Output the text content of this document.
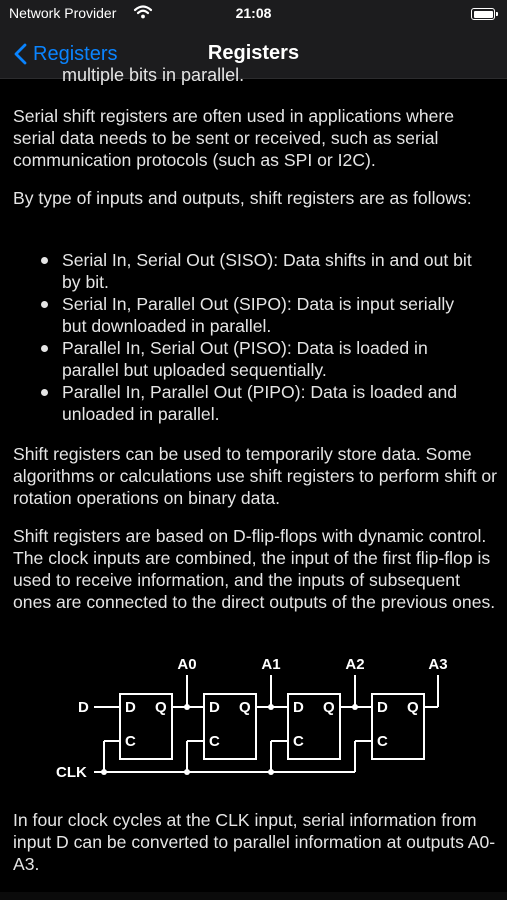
Network Provider	21:08
Registers	Registers
multiple bits in parallel.

Serial shift registers are often used in applications where serial data needs to be sent or received, such as serial communication protocols (such as SPI or I2C).

By type of inputs and outputs, shift registers are as follows:

Serial In, Serial Out (SISO): Data shifts in and out bit by bit.
Serial In, Parallel Out (SIPO): Data is input serially but downloaded in parallel.
Parallel In, Serial Out (PISO): Data is loaded in parallel but uploaded sequentially.
Parallel In, Parallel Out (PIPO): Data is loaded and unloaded in parallel.

Shift registers can be used to temporarily store data. Some algorithms or calculations use shift registers to perform shift or rotation operations on binary data.

Shift registers are based on D-flip-flops with dynamic control. The clock inputs are combined, the input of the first flip-flop is used to receive information, and the inputs of subsequent ones are connected to the direct outputs of the previous ones.

A0	A1	A2	A3
D
CLK
D Q
C
D Q
C
D Q
C
D Q
C

In four clock cycles at the CLK input, serial information from input D can be converted to parallel information at outputs A0-A3.
